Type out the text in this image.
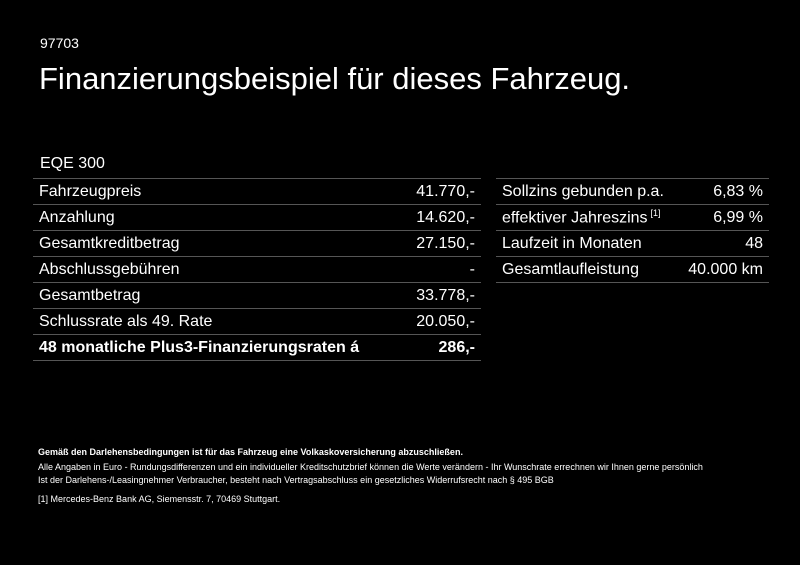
97703
Finanzierungsbeispiel für dieses Fahrzeug.
EQE 300
Fahrzeugpreis	41.770,-
Anzahlung	14.620,-
Gesamtkreditbetrag	27.150,-
Abschlussgebühren	-
Gesamtbetrag	33.778,-
Schlussrate als 49. Rate	20.050,-
48 monatliche Plus3-Finanzierungsraten á	286,-
Sollzins gebunden p.a.	6,83 %
effektiver Jahreszins [1]	6,99 %
Laufzeit in Monaten	48
Gesamtlaufleistung	40.000 km
Gemäß den Darlehensbedingungen ist für das Fahrzeug eine Volkaskoversicherung abzuschließen.
Alle Angaben in Euro - Rundungsdifferenzen und ein individueller Kreditschutzbrief können die Werte verändern - Ihr Wunschrate errechnen wir Ihnen gerne persönlich
Ist der Darlehens-/Leasingnehmer Verbraucher, besteht nach Vertragsabschluss ein gesetzliches Widerrufsrecht nach § 495 BGB
[1] Mercedes-Benz Bank AG, Siemensstr. 7, 70469 Stuttgart.
